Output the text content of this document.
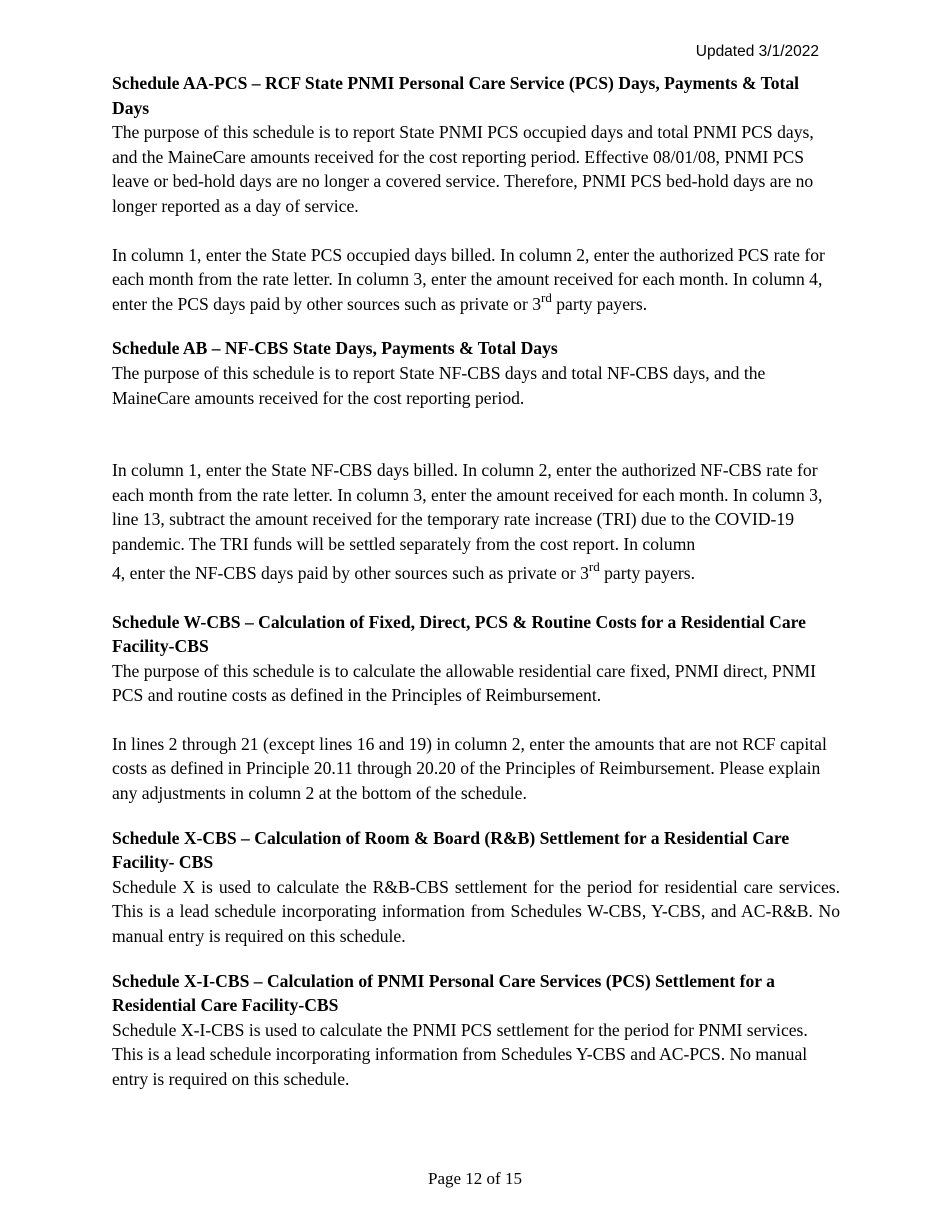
Updated 3/1/2022
Schedule AA-PCS – RCF State PNMI Personal Care Service (PCS) Days, Payments & Total Days

The purpose of this schedule is to report State PNMI PCS occupied days and total PNMI PCS days, and the MaineCare amounts received for the cost reporting period. Effective 08/01/08, PNMI PCS leave or bed-hold days are no longer a covered service. Therefore, PNMI PCS bed-hold days are no longer reported as a day of service.

In column 1, enter the State PCS occupied days billed. In column 2, enter the authorized PCS rate for each month from the rate letter. In column 3, enter the amount received for each month. In column 4, enter the PCS days paid by other sources such as private or 3rd party payers.

Schedule AB – NF-CBS State Days, Payments & Total Days

The purpose of this schedule is to report State NF-CBS days and total NF-CBS days, and the MaineCare amounts received for the cost reporting period.

In column 1, enter the State NF-CBS days billed. In column 2, enter the authorized NF-CBS rate for each month from the rate letter. In column 3, enter the amount received for each month. In column 3, line 13, subtract the amount received for the temporary rate increase (TRI) due to the COVID-19 pandemic. The TRI funds will be settled separately from the cost report. In column

4, enter the NF-CBS days paid by other sources such as private or 3rd party payers.

Schedule W-CBS – Calculation of Fixed, Direct, PCS & Routine Costs for a Residential Care Facility-CBS

The purpose of this schedule is to calculate the allowable residential care fixed, PNMI direct, PNMI PCS and routine costs as defined in the Principles of Reimbursement.

In lines 2 through 21 (except lines 16 and 19) in column 2, enter the amounts that are not RCF capital costs as defined in Principle 20.11 through 20.20 of the Principles of Reimbursement. Please explain any adjustments in column 2 at the bottom of the schedule.

Schedule X-CBS – Calculation of Room & Board (R&B) Settlement for a Residential Care Facility- CBS

Schedule X is used to calculate the R&B-CBS settlement for the period for residential care services. This is a lead schedule incorporating information from Schedules W-CBS, Y-CBS, and AC-R&B. No manual entry is required on this schedule.

Schedule X-I-CBS – Calculation of PNMI Personal Care Services (PCS) Settlement for a Residential Care Facility-CBS

Schedule X-I-CBS is used to calculate the PNMI PCS settlement for the period for PNMI services. This is a lead schedule incorporating information from Schedules Y-CBS and AC-PCS. No manual entry is required on this schedule.

Page 12 of 15
